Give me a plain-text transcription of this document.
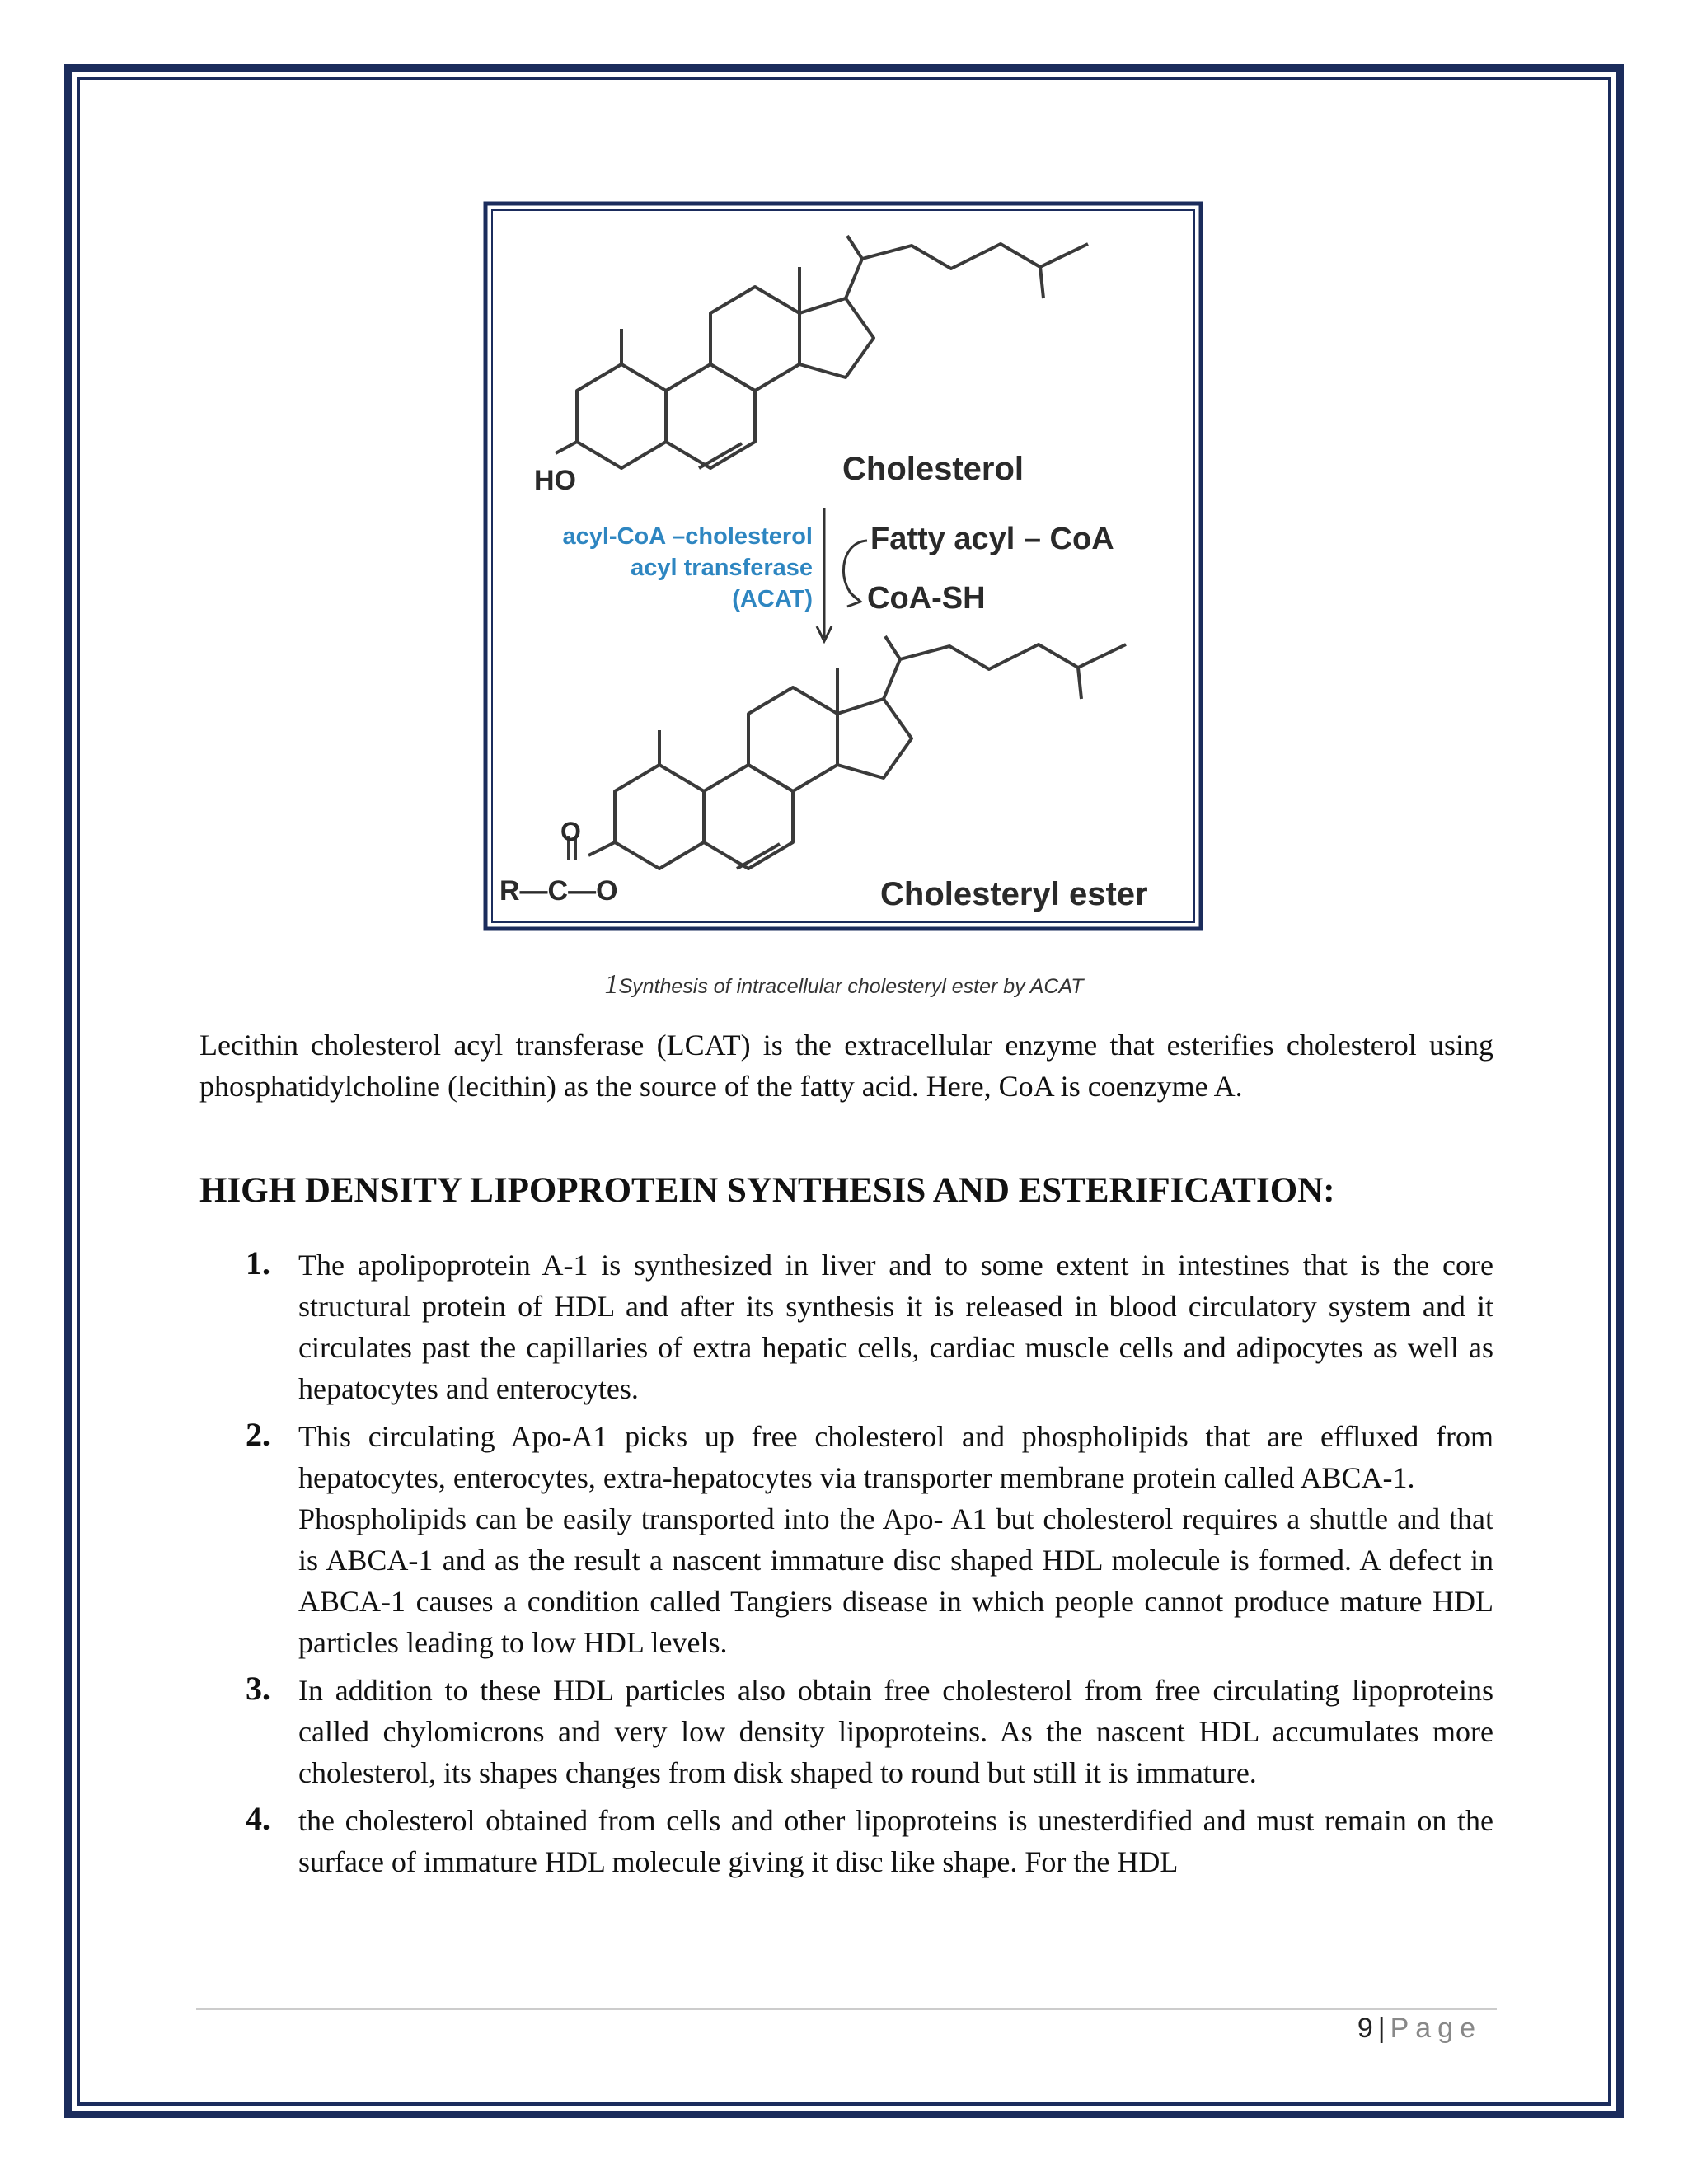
HO	Cholesterol
acyl-CoA –cholesterol
acyl transferase
(ACAT)
Fatty acyl – CoA
CoA-SH
O
R—C—O	Cholesteryl ester
1Synthesis of intracellular cholesteryl ester by ACAT
Lecithin cholesterol acyl transferase (LCAT) is the extracellular enzyme that esterifies cholesterol using phosphatidylcholine (lecithin) as the source of the fatty acid. Here, CoA is coenzyme A.
HIGH DENSITY LIPOPROTEIN SYNTHESIS AND ESTERIFICATION:
1. The apolipoprotein A-1 is synthesized in liver and to some extent in intestines that is the core structural protein of HDL and after its synthesis it is released in blood circulatory system and it circulates past the capillaries of extra hepatic cells, cardiac muscle cells and adipocytes as well as hepatocytes and enterocytes.

2. This circulating Apo-A1 picks up free cholesterol and phospholipids that are effluxed from hepatocytes, enterocytes, extra-hepatocytes via transporter membrane protein called ABCA-1.

Phospholipids can be easily transported into the Apo- A1 but cholesterol requires a shuttle and that is ABCA-1 and as the result a nascent immature disc shaped HDL molecule is formed. A defect in ABCA-1 causes a condition called Tangiers disease in which people cannot produce mature HDL particles leading to low HDL levels.

3. In addition to these HDL particles also obtain free cholesterol from free circulating lipoproteins called chylomicrons and very low density lipoproteins. As the nascent HDL accumulates more cholesterol, its shapes changes from disk shaped to round but still it is immature.

4. the cholesterol obtained from cells and other lipoproteins is unesterdified and must remain on the surface of immature HDL molecule giving it disc like shape. For the HDL

9 | Page
